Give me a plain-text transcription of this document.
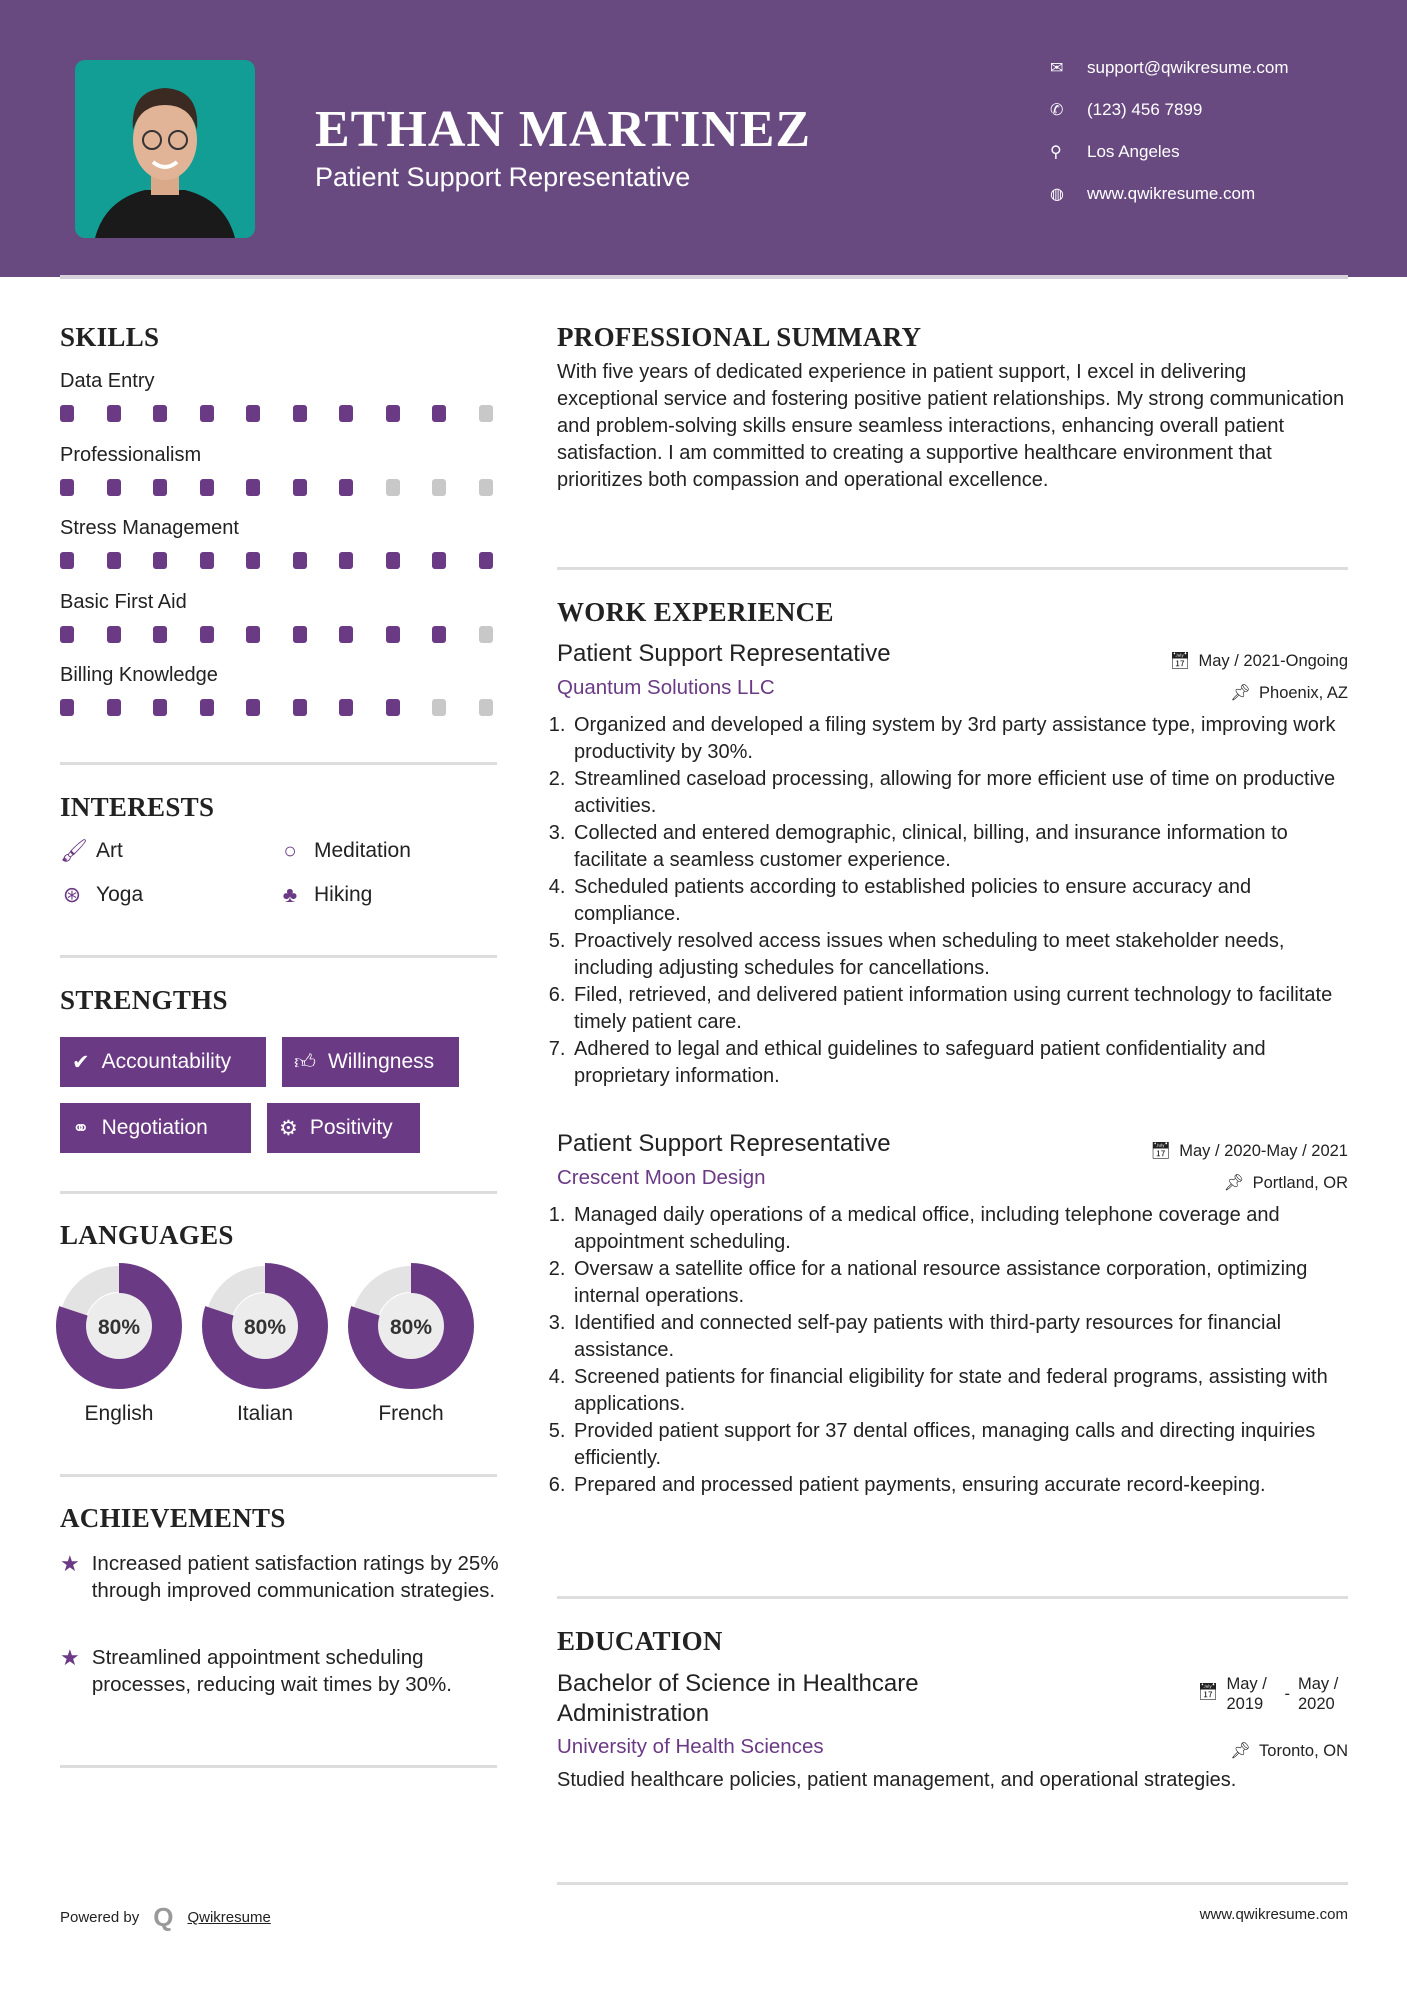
ETHAN MARTINEZ
Patient Support Representative
✉	support@qwikresume.com
✆	(123) 456 7899
⚲	Los Angeles
◍	www.qwikresume.com
SKILLS
Data Entry
Professionalism
Stress Management
Basic First Aid
Billing Knowledge
INTERESTS
🖌 Art	○ Meditation
⊛ Yoga	♣ Hiking
STRENGTHS
✔ Accountability	👍︎ Willingness
⚭ Negotiation	⚙ Positivity
LANGUAGES
80%	80%	80%
English	Italian	French
ACHIEVEMENTS
★ Increased patient satisfaction ratings by 25% through improved communication strategies.
★ Streamlined appointment scheduling processes, reducing wait times by 30%.
Powered by Q Qwikresume
PROFESSIONAL SUMMARY

With five years of dedicated experience in patient support, I excel in delivering exceptional service and fostering positive patient relationships. My strong communication and problem-solving skills ensure seamless interactions, enhancing overall patient satisfaction. I am committed to creating a supportive healthcare environment that prioritizes both compassion and operational excellence.

WORK EXPERIENCE
Patient Support Representative
Quantum Solutions LLC
📅︎ May / 2021-Ongoing
📌︎ Phoenix, AZ
1. Organized and developed a filing system by 3rd party assistance type, improving work productivity by 30%.
2. Streamlined caseload processing, allowing for more efficient use of time on productive activities.
3. Collected and entered demographic, clinical, billing, and insurance information to facilitate a seamless customer experience.
4. Scheduled patients according to established policies to ensure accuracy and compliance.
5. Proactively resolved access issues when scheduling to meet stakeholder needs, including adjusting schedules for cancellations.
6. Filed, retrieved, and delivered patient information using current technology to facilitate timely patient care.
7. Adhered to legal and ethical guidelines to safeguard patient confidentiality and proprietary information.
Patient Support Representative
Crescent Moon Design
📅︎ May / 2020-May / 2021
📌︎ Portland, OR
1. Managed daily operations of a medical office, including telephone coverage and appointment scheduling.
2. Oversaw a satellite office for a national resource assistance corporation, optimizing internal operations.
3. Identified and connected self-pay patients with third-party resources for financial assistance.
4. Screened patients for financial eligibility for state and federal programs, assisting with applications.
5. Provided patient support for 37 dental offices, managing calls and directing inquiries efficiently.
6. Prepared and processed patient payments, ensuring accurate record-keeping.
EDUCATION
Bachelor of Science in Healthcare Administration
University of Health Sciences

Studied healthcare policies, patient management, and operational strategies.

📅︎ May / 2019
-
May / 2020
📌︎ Toronto, ON
www.qwikresume.com
